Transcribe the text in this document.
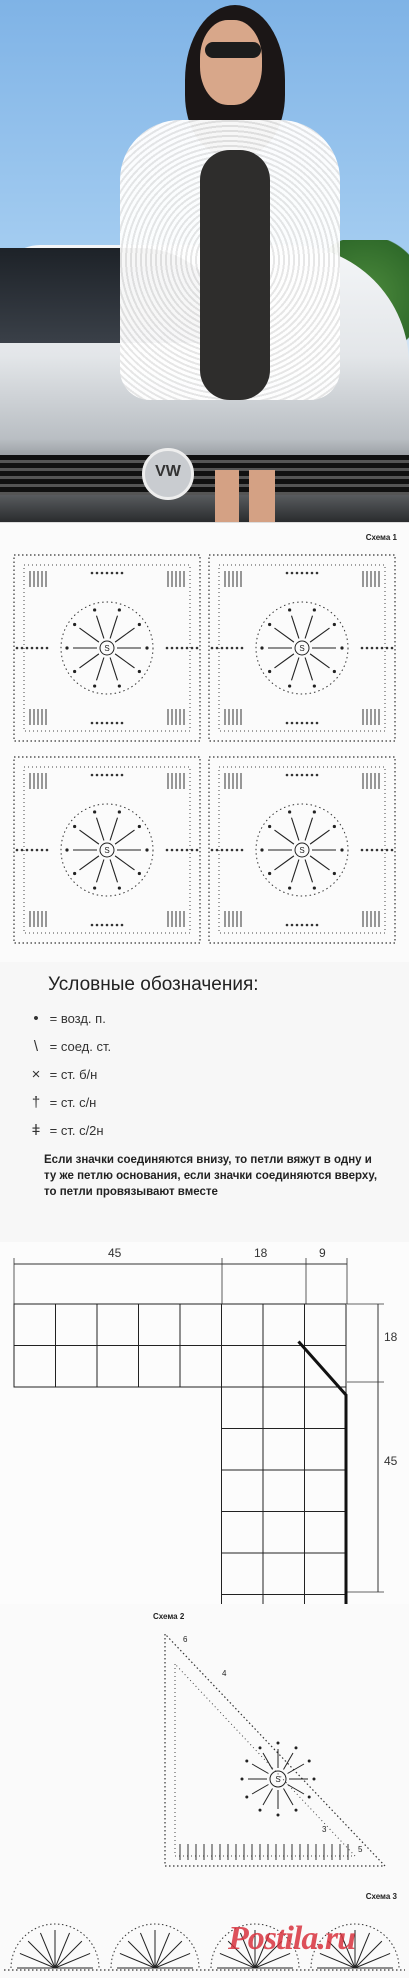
VW
Схема 1
S	S
S	S
Условные обозначения:
• = возд. п.
\ = соед. ст.
× = ст. б/н
† = ст. с/н
ǂ = ст. с/2н
Если значки соединяются внизу, то петли вяжут в одну и ту же петлю основания, если значки соединяются вверху, то петли провязывают вместе
45	18	9
18
45
Схема 2
S
6
4
3
5
Схема 3
Postila.ru
